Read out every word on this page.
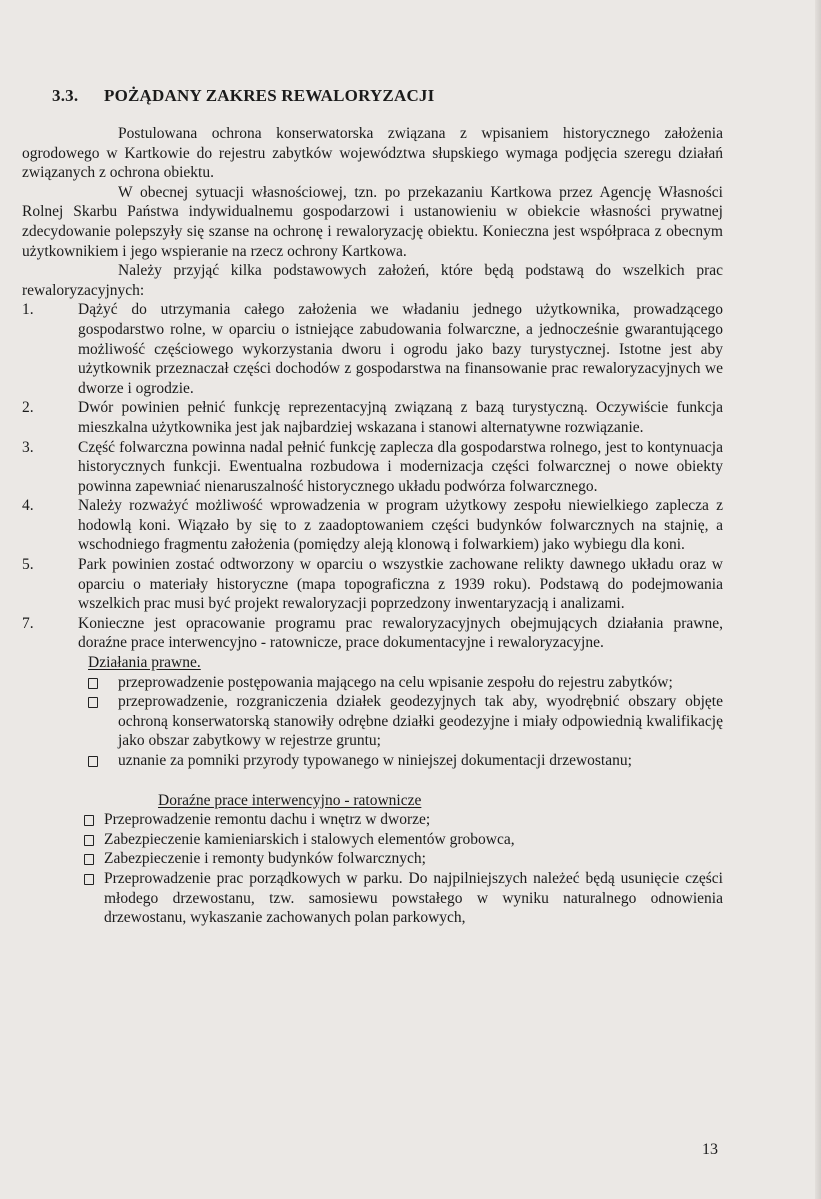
3.3. POŻĄDANY ZAKRES REWALORYZACJI

Postulowana ochrona konserwatorska związana z wpisaniem historycznego założenia ogrodowego w Kartkowie do rejestru zabytków województwa słupskiego wymaga podjęcia szeregu działań związanych z ochrona obiektu.

W obecnej sytuacji własnościowej, tzn. po przekazaniu Kartkowa przez Agencję Własności Rolnej Skarbu Państwa indywidualnemu gospodarzowi i ustanowieniu w obiekcie własności prywatnej zdecydowanie polepszyły się szanse na ochronę i rewaloryzację obiektu. Konieczna jest współpraca z obecnym użytkownikiem i jego wspieranie na rzecz ochrony Kartkowa.

Należy przyjąć kilka podstawowych założeń, które będą podstawą do wszelkich prac rewaloryzacyjnych:

1.	Dążyć do utrzymania całego założenia we władaniu jednego użytkownika, prowadzącego gospodarstwo rolne, w oparciu o istniejące zabudowania folwarczne, a jednocześnie gwarantującego możliwość częściowego wykorzystania dworu i ogrodu jako bazy turystycznej. Istotne jest aby użytkownik przeznaczał części dochodów z gospodarstwa na finansowanie prac rewaloryzacyjnych we dworze i ogrodzie.
2.	Dwór powinien pełnić funkcję reprezentacyjną związaną z bazą turystyczną. Oczywiście funkcja mieszkalna użytkownika jest jak najbardziej wskazana i stanowi alternatywne rozwiązanie.
3.	Część folwarczna powinna nadal pełnić funkcję zaplecza dla gospodarstwa rolnego, jest to kontynuacja historycznych funkcji. Ewentualna rozbudowa i modernizacja części folwarcznej o nowe obiekty powinna zapewniać nienaruszalność historycznego układu podwórza folwarcznego.
4.	Należy rozważyć możliwość wprowadzenia w program użytkowy zespołu niewielkiego zaplecza z hodowlą koni. Wiązało by się to z zaadoptowaniem części budynków folwarcznych na stajnię, a wschodniego fragmentu założenia (pomiędzy aleją klonową i folwarkiem) jako wybiegu dla koni.
5.	Park powinien zostać odtworzony w oparciu o wszystkie zachowane relikty dawnego układu oraz w oparciu o materiały historyczne (mapa topograficzna z 1939 roku). Podstawą do podejmowania wszelkich prac musi być projekt rewaloryzacji poprzedzony inwentaryzacją i analizami.
7.	Konieczne jest opracowanie programu prac rewaloryzacyjnych obejmujących działania prawne, doraźne prace interwencyjno - ratownicze, prace dokumentacyjne i rewaloryzacyjne.
Działania prawne.
przeprowadzenie postępowania mającego na celu wpisanie zespołu do rejestru zabytków;
przeprowadzenie, rozgraniczenia działek geodezyjnych tak aby, wyodrębnić obszary objęte ochroną konserwatorską stanowiły odrębne działki geodezyjne i miały odpowiednią kwalifikację jako obszar zabytkowy w rejestrze gruntu;
uznanie za pomniki przyrody typowanego w niniejszej dokumentacji drzewostanu;
Doraźne prace interwencyjno - ratownicze
Przeprowadzenie remontu dachu i wnętrz w dworze;
Zabezpieczenie kamieniarskich i stalowych elementów grobowca,
Zabezpieczenie i remonty budynków folwarcznych;
Przeprowadzenie prac porządkowych w parku. Do najpilniejszych należeć będą usunięcie części młodego drzewostanu, tzw. samosiewu powstałego w wyniku naturalnego odnowienia drzewostanu, wykaszanie zachowanych polan parkowych,
13
